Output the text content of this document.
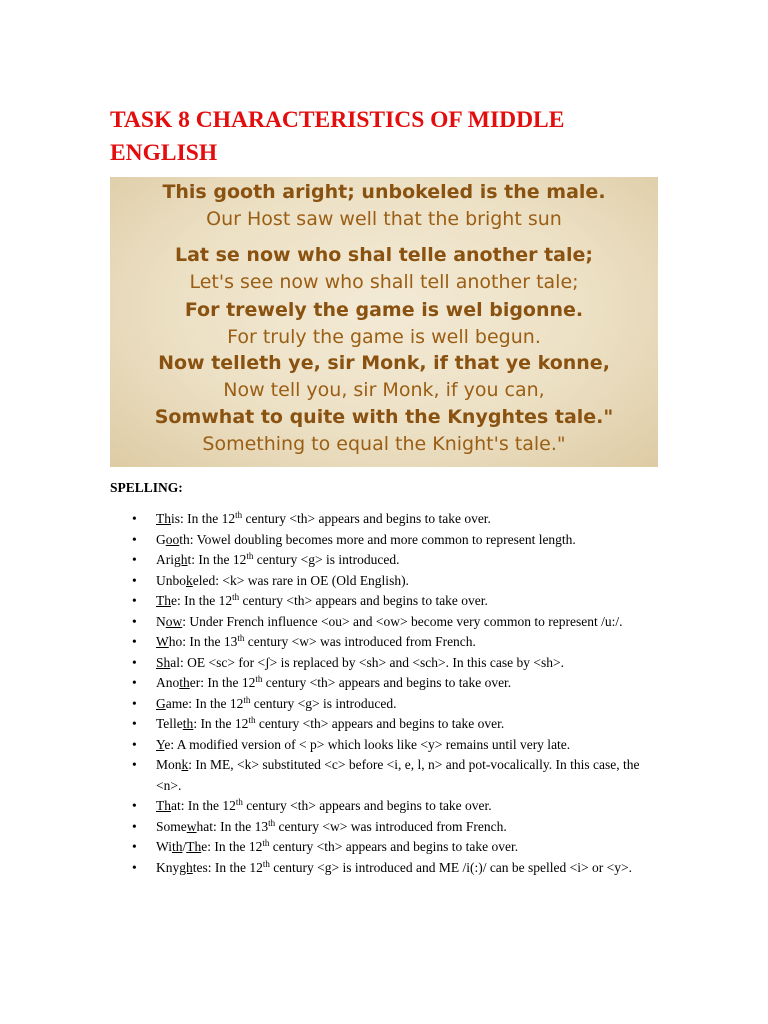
TASK 8 CHARACTERISTICS OF MIDDLE ENGLISH
This gooth aright; unbokeled is the male.
Our Host saw well that the bright sun
Lat se now who shal telle another tale;
Let's see now who shall tell another tale;
For trewely the game is wel bigonne.
For truly the game is well begun.
Now telleth ye, sir Monk, if that ye konne,
Now tell you, sir Monk, if you can,
Somwhat to quite with the Knyghtes tale."
Something to equal the Knight's tale."
SPELLING:
• This: In the 12th century <th> appears and begins to take over.
• Gooth: Vowel doubling becomes more and more common to represent length.
• Aright: In the 12th century <g> is introduced.
• Unbokeled: <k> was rare in OE (Old English).
• The: In the 12th century <th> appears and begins to take over.
• Now: Under French influence <ou> and <ow> become very common to represent /u:/.
• Who: In the 13th century <w> was introduced from French.
• Shal: OE <sc> for <ʃ> is replaced by <sh> and <sch>. In this case by <sh>.
• Another: In the 12th century <th> appears and begins to take over.
• Game: In the 12th century <g> is introduced.
• Telleth: In the 12th century <th> appears and begins to take over.
• Ye: A modified version of < p> which looks like <y> remains until very late.
• Monk: In ME, <k> substituted <c> before <i, e, l, n> and pot-vocalically. In this case, the <n>.
• That: In the 12th century <th> appears and begins to take over.
• Somewhat: In the 13th century <w> was introduced from French.
• With/The: In the 12th century <th> appears and begins to take over.
• Knyghtes: In the 12th century <g> is introduced and ME /i(:)/ can be spelled <i> or <y>.
